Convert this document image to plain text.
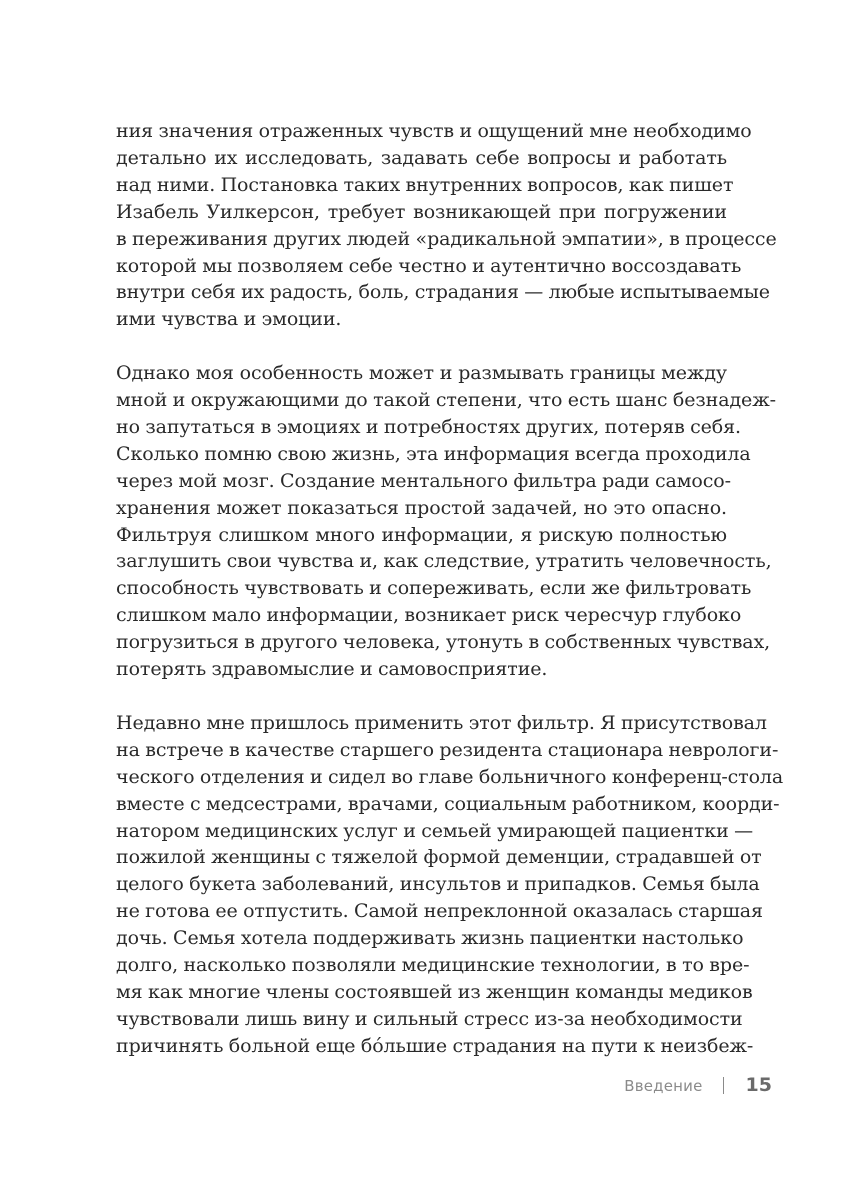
ния значения отраженных чувств и ощущений мне необходимо
детально их исследовать, задавать себе вопросы и работать
над ними. Постановка таких внутренних вопросов, как пишет
Изабель Уилкерсон, требует возникающей при погружении
в переживания других людей «радикальной эмпатии», в процессе
которой мы позволяем себе честно и аутентично воссоздавать
внутри себя их радость, боль, страдания — любые испытываемые
ими чувства и эмоции.

Однако моя особенность может и размывать границы между
мной и окружающими до такой степени, что есть шанс безнадеж-
но запутаться в эмоциях и потребностях других, потеряв себя.
Сколько помню свою жизнь, эта информация всегда проходила
через мой мозг. Создание ментального фильтра ради самосо-
хранения может показаться простой задачей, но это опасно.
Фильтруя слишком много информации, я рискую полностью
заглушить свои чувства и, как следствие, утратить человечность,
способность чувствовать и сопереживать, если же фильтровать
слишком мало информации, возникает риск чересчур глубоко
погрузиться в другого человека, утонуть в собственных чувствах,
потерять здравомыслие и самовосприятие.

Недавно мне пришлось применить этот фильтр. Я присутствовал
на встрече в качестве старшего резидента стационара неврологи-
ческого отделения и сидел во главе больничного конференц-стола
вместе с медсестрами, врачами, социальным работником, коорди-
натором медицинских услуг и семьей умирающей пациентки —
пожилой женщины с тяжелой формой деменции, страдавшей от
целого букета заболеваний, инсультов и припадков. Семья была
не готова ее отпустить. Самой непреклонной оказалась старшая
дочь. Семья хотела поддерживать жизнь пациентки настолько
долго, насколько позволяли медицинские технологии, в то вре-
мя как многие члены состоявшей из женщин команды медиков
чувствовали лишь вину и сильный стресс из-за необходимости
причинять больной еще бо́льшие страдания на пути к неизбеж-

Введение 15
